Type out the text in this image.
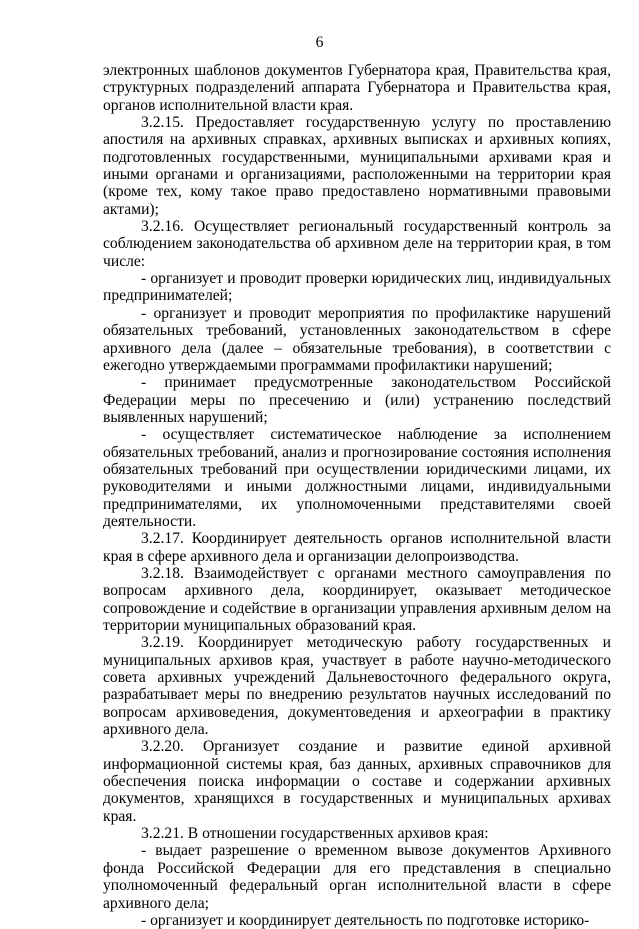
6

электронных шаблонов документов Губернатора края, Правительства края, структурных подразделений аппарата Губернатора и Правительства края, органов исполнительной власти края.

3.2.15. Предоставляет государственную услугу по проставлению апостиля на архивных справках, архивных выписках и архивных копиях, подготовленных государственными, муниципальными архивами края и иными органами и организациями, расположенными на территории края (кроме тех, кому такое право предоставлено нормативными правовыми актами);

3.2.16. Осуществляет региональный государственный контроль за соблюдением законодательства об архивном деле на территории края, в том числе:

- организует и проводит проверки юридических лиц, индивидуальных предпринимателей;

- организует и проводит мероприятия по профилактике нарушений обязательных требований, установленных законодательством в сфере архивного дела (далее – обязательные требования), в соответствии с ежегодно утверждаемыми программами профилактики нарушений;

- принимает предусмотренные законодательством Российской Федерации меры по пресечению и (или) устранению последствий выявленных нарушений;

- осуществляет систематическое наблюдение за исполнением обязательных требований, анализ и прогнозирование состояния исполнения обязательных требований при осуществлении юридическими лицами, их руководителями и иными должностными лицами, индивидуальными предпринимателями, их уполномоченными представителями своей деятельности.

3.2.17. Координирует деятельность органов исполнительной власти края в сфере архивного дела и организации делопроизводства.

3.2.18. Взаимодействует с органами местного самоуправления по вопросам архивного дела, координирует, оказывает методическое сопровождение и содействие в организации управления архивным делом на территории муниципальных образований края.

3.2.19. Координирует методическую работу государственных и муниципальных архивов края, участвует в работе научно-методического совета архивных учреждений Дальневосточного федерального округа, разрабатывает меры по внедрению результатов научных исследований по вопросам архивоведения, документоведения и археографии в практику архивного дела.

3.2.20. Организует создание и развитие единой архивной информационной системы края, баз данных, архивных справочников для обеспечения поиска информации о составе и содержании архивных документов, хранящихся в государственных и муниципальных архивах края.

3.2.21. В отношении государственных архивов края:

- выдает разрешение о временном вывозе документов Архивного фонда Российской Федерации для его представления в специально уполномоченный федеральный орган исполнительной власти в сфере архивного дела;

- организует и координирует деятельность по подготовке историко-
